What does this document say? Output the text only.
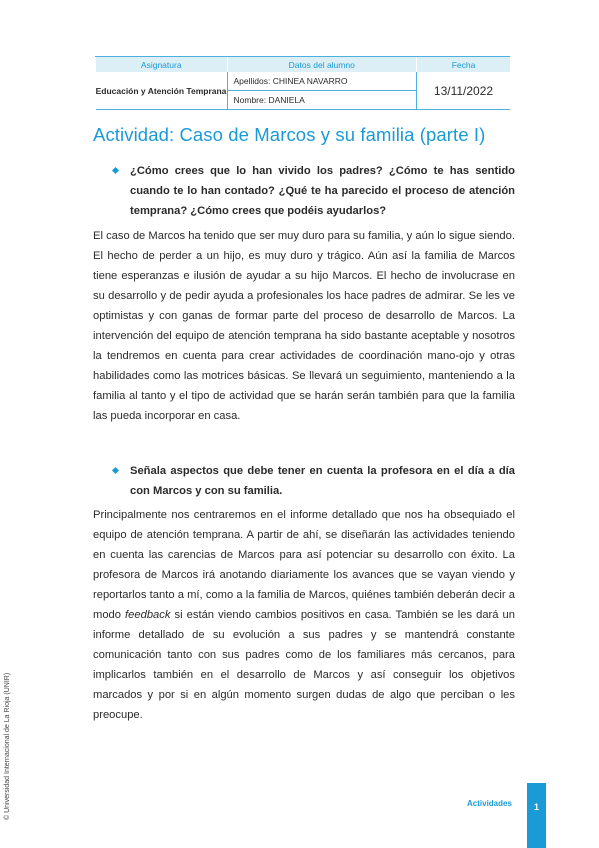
Asignatura	Datos del alumno	Fecha
Educación y Atención Temprana	Apellidos: CHINEA NAVARRO	13/11/2022
	Nombre: DANIELA	
Actividad: Caso de Marcos y su familia (parte I)
¿Cómo crees que lo han vivido los padres? ¿Cómo te has sentido cuando te lo han contado? ¿Qué te ha parecido el proceso de atención temprana? ¿Cómo crees que podéis ayudarlos?

El caso de Marcos ha tenido que ser muy duro para su familia, y aún lo sigue siendo. El hecho de perder a un hijo, es muy duro y trágico. Aún así la familia de Marcos tiene esperanzas e ilusión de ayudar a su hijo Marcos. El hecho de involucrase en su desarrollo y de pedir ayuda a profesionales los hace padres de admirar. Se les ve optimistas y con ganas de formar parte del proceso de desarrollo de Marcos. La intervención del equipo de atención temprana ha sido bastante aceptable y nosotros la tendremos en cuenta para crear actividades de coordinación mano-ojo y otras habilidades como las motrices básicas. Se llevará un seguimiento, manteniendo a la familia al tanto y el tipo de actividad que se harán serán también para que la familia las pueda incorporar en casa.

Señala aspectos que debe tener en cuenta la profesora en el día a día con Marcos y con su familia.

Principalmente nos centraremos en el informe detallado que nos ha obsequiado el equipo de atención temprana. A partir de ahí, se diseñarán las actividades teniendo en cuenta las carencias de Marcos para así potenciar su desarrollo con éxito. La profesora de Marcos irá anotando diariamente los avances que se vayan viendo y reportarlos tanto a mí, como a la familia de Marcos, quiénes también deberán decir a modo feedback si están viendo cambios positivos en casa. También se les dará un informe detallado de su evolución a sus padres y se mantendrá constante comunicación tanto con sus padres como de los familiares más cercanos, para implicarlos también en el desarrollo de Marcos y así conseguir los objetivos marcados y por si en algún momento surgen dudas de algo que perciban o les preocupe.

© Universidad Internacional de La Rioja (UNIR)	Actividades	1
